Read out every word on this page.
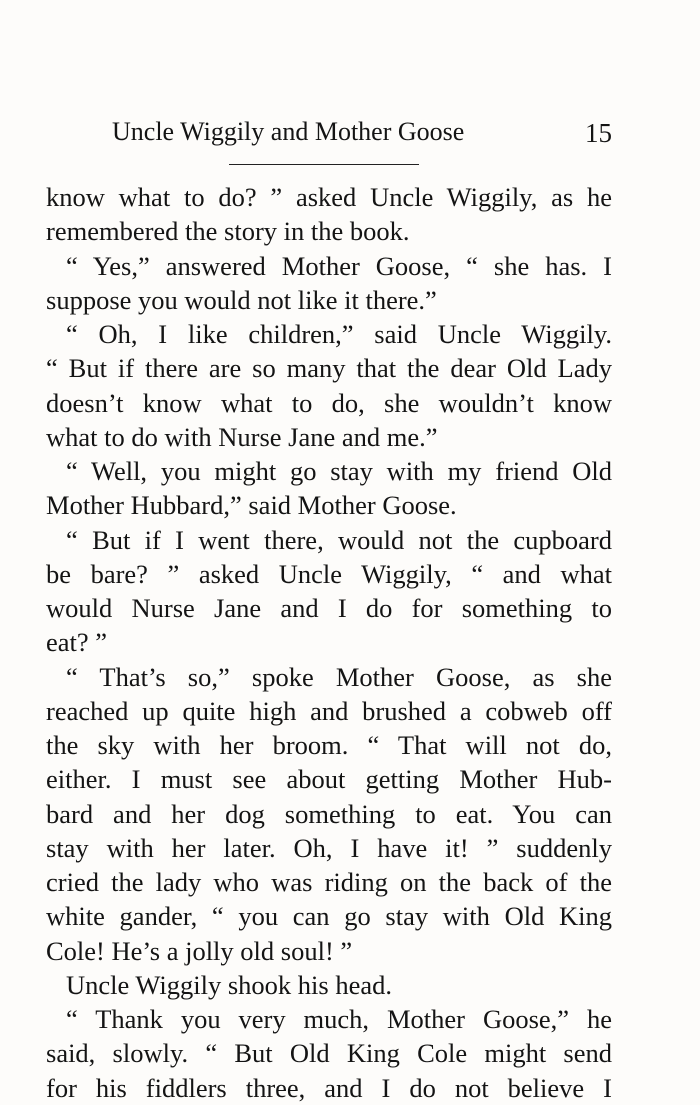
Uncle Wiggily and Mother Goose	15
know what to do? ” asked Uncle Wiggily, as he
remembered the story in the book.
“ Yes,” answered Mother Goose, “ she has. I
suppose you would not like it there.”
“ Oh, I like children,” said Uncle Wiggily.
“ But if there are so many that the dear Old Lady
doesn’t know what to do, she wouldn’t know
what to do with Nurse Jane and me.”
“ Well, you might go stay with my friend Old
Mother Hubbard,” said Mother Goose.
“ But if I went there, would not the cupboard
be bare? ” asked Uncle Wiggily, “ and what
would Nurse Jane and I do for something to
eat? ”
“ That’s so,” spoke Mother Goose, as she
reached up quite high and brushed a cobweb off
the sky with her broom. “ That will not do,
either. I must see about getting Mother Hub-
bard and her dog something to eat. You can
stay with her later. Oh, I have it! ” suddenly
cried the lady who was riding on the back of the
white gander, “ you can go stay with Old King
Cole! He’s a jolly old soul! ”
Uncle Wiggily shook his head.
“ Thank you very much, Mother Goose,” he
said, slowly. “ But Old King Cole might send
for his fiddlers three, and I do not believe I
